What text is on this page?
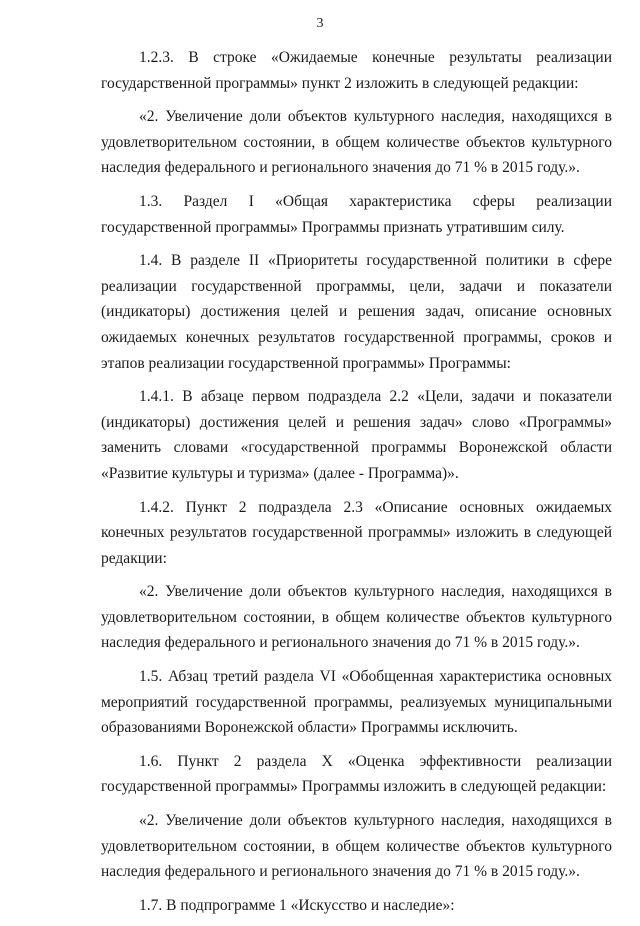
3

1.2.3. В строке «Ожидаемые конечные результаты реализации государственной программы» пункт 2 изложить в следующей редакции:

«2. Увеличение доли объектов культурного наследия, находящихся в удовлетворительном состоянии, в общем количестве объектов культурного наследия федерального и регионального значения до 71 % в 2015 году.».

1.3. Раздел I «Общая характеристика сферы реализации государственной программы» Программы признать утратившим силу.

1.4. В разделе II «Приоритеты государственной политики в сфере реализации государственной программы, цели, задачи и показатели (индикаторы) достижения целей и решения задач, описание основных ожидаемых конечных результатов государственной программы, сроков и этапов реализации государственной программы» Программы:

1.4.1. В абзаце первом подраздела 2.2 «Цели, задачи и показатели (индикаторы) достижения целей и решения задач» слово «Программы» заменить словами «государственной программы Воронежской области «Развитие культуры и туризма» (далее - Программа)».

1.4.2. Пункт 2 подраздела 2.3 «Описание основных ожидаемых конечных результатов государственной программы» изложить в следующей редакции:

«2. Увеличение доли объектов культурного наследия, находящихся в удовлетворительном состоянии, в общем количестве объектов культурного наследия федерального и регионального значения до 71 % в 2015 году.».

1.5. Абзац третий раздела VI «Обобщенная характеристика основных мероприятий государственной программы, реализуемых муниципальными образованиями Воронежской области» Программы исключить.

1.6. Пункт 2 раздела X «Оценка эффективности реализации государственной программы» Программы изложить в следующей редакции:

«2. Увеличение доли объектов культурного наследия, находящихся в удовлетворительном состоянии, в общем количестве объектов культурного наследия федерального и регионального значения до 71 % в 2015 году.».

1.7. В подпрограмме 1 «Искусство и наследие»:
